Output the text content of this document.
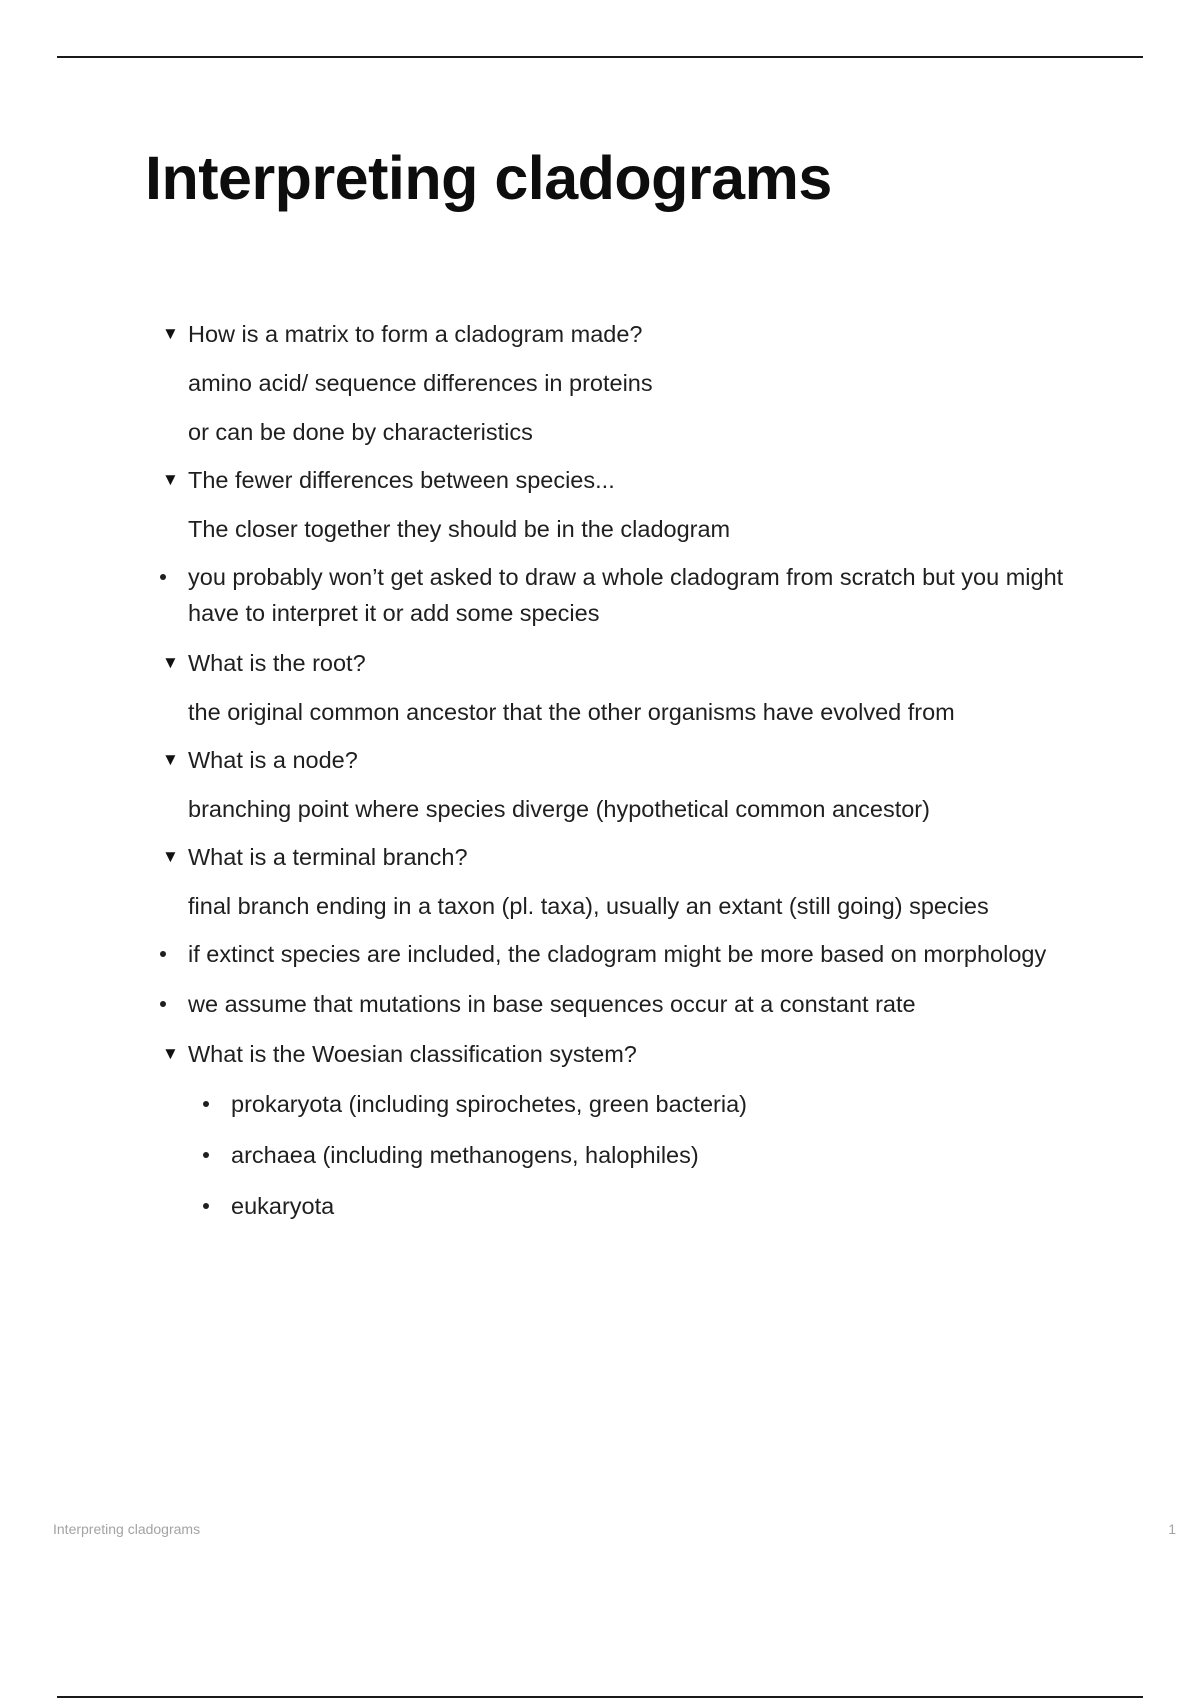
Interpreting cladograms

▼ How is a matrix to form a cladogram made?

amino acid/ sequence differences in proteins

or can be done by characteristics

▼ The fewer differences between species...

The closer together they should be in the cladogram

you probably won’t get asked to draw a whole cladogram from scratch but you might have to interpret it or add some species

▼ What is the root?

the original common ancestor that the other organisms have evolved from

▼ What is a node?

branching point where species diverge (hypothetical common ancestor)

▼ What is a terminal branch?

final branch ending in a taxon (pl. taxa), usually an extant (still going) species

if extinct species are included, the cladogram might be more based on morphology

we assume that mutations in base sequences occur at a constant rate

▼ What is the Woesian classification system?

prokaryota (including spirochetes, green bacteria)

archaea (including methanogens, halophiles)

eukaryota

Interpreting cladograms	1
